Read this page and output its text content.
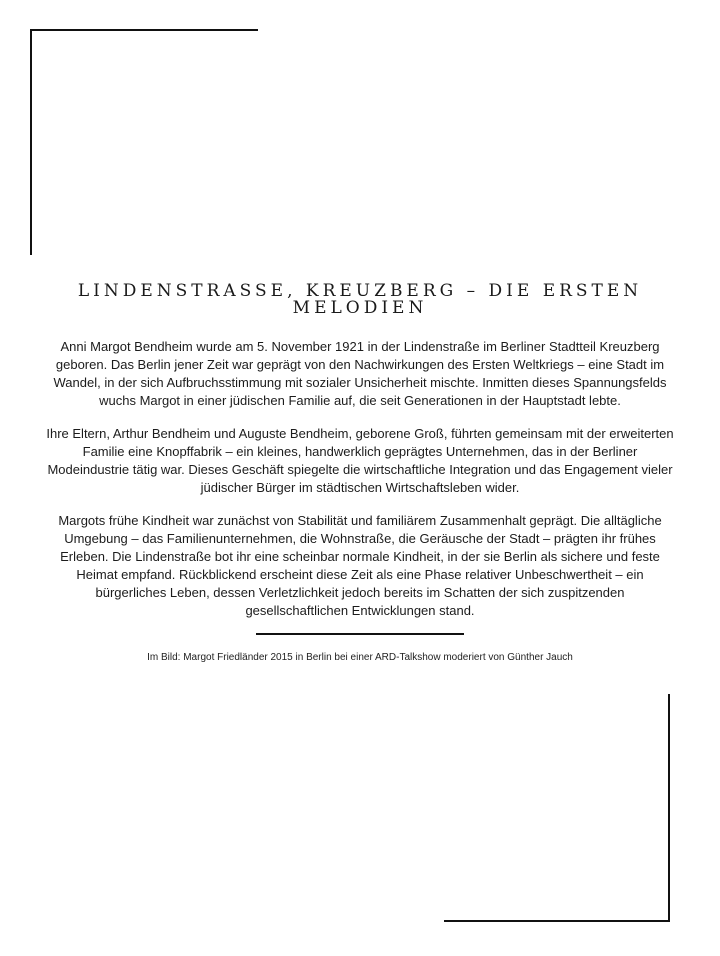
LINDENSTRASSE, KREUZBERG – DIE ERSTEN MELODIEN

Anni Margot Bendheim wurde am 5. November 1921 in der Lindenstraße im Berliner Stadtteil Kreuzberg geboren. Das Berlin jener Zeit war geprägt von den Nachwirkungen des Ersten Weltkriegs – eine Stadt im Wandel, in der sich Aufbruchsstimmung mit sozialer Unsicherheit mischte. Inmitten dieses Spannungsfelds wuchs Margot in einer jüdischen Familie auf, die seit Generationen in der Hauptstadt lebte.

Ihre Eltern, Arthur Bendheim und Auguste Bendheim, geborene Groß, führten gemeinsam mit der erweiterten Familie eine Knopffabrik – ein kleines, handwerklich geprägtes Unternehmen, das in der Berliner Modeindustrie tätig war. Dieses Geschäft spiegelte die wirtschaftliche Integration und das Engagement vieler jüdischer Bürger im städtischen Wirtschaftsleben wider.

Margots frühe Kindheit war zunächst von Stabilität und familiärem Zusammenhalt geprägt. Die alltägliche Umgebung – das Familienunternehmen, die Wohnstraße, die Geräusche der Stadt – prägten ihr frühes Erleben. Die Lindenstraße bot ihr eine scheinbar normale Kindheit, in der sie Berlin als sichere und feste Heimat empfand. Rückblickend erscheint diese Zeit als eine Phase relativer Unbeschwertheit – ein bürgerliches Leben, dessen Verletzlichkeit jedoch bereits im Schatten der sich zuspitzenden gesellschaftlichen Entwicklungen stand.

Im Bild: Margot Friedländer 2015 in Berlin bei einer ARD-Talkshow moderiert von Günther Jauch
